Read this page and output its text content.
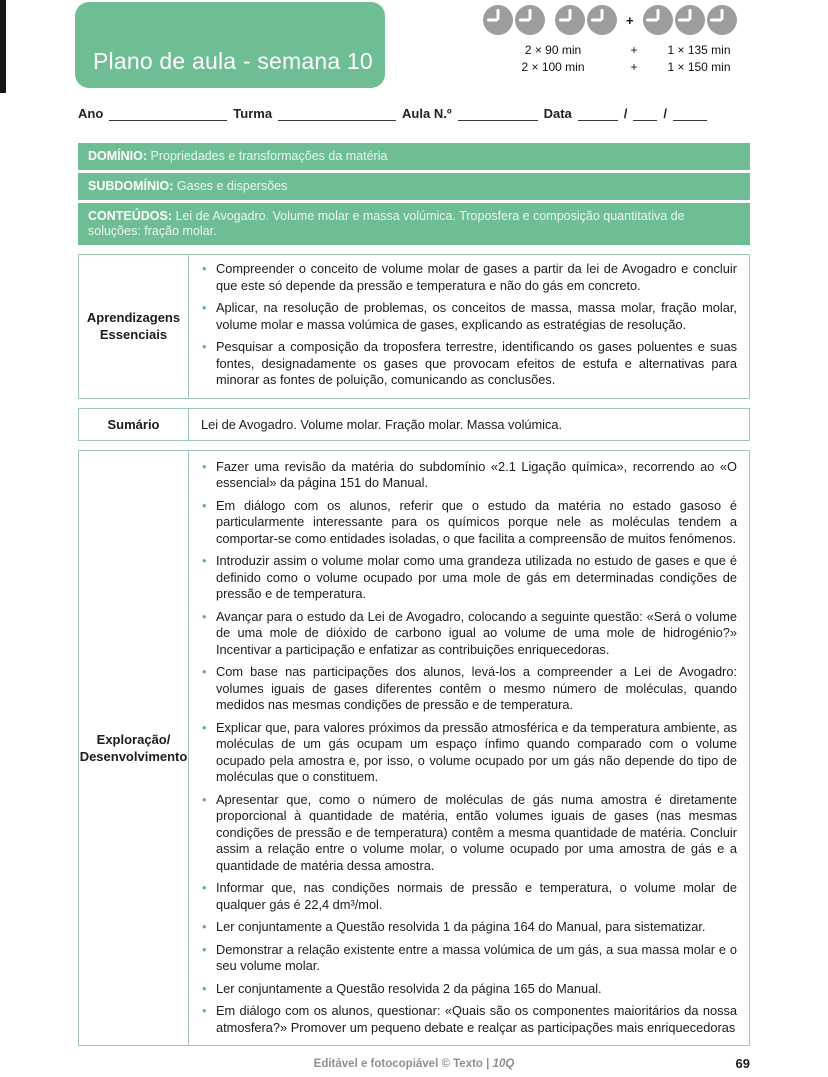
Plano de aula - semana 10
+
2 × 90 min	+	1 × 135 min
2 × 100 min	+	1 × 150 min
Ano	Turma	Aula N.º	Data	/	/
DOMÍNIO: Propriedades e transformações da matéria
SUBDOMÍNIO: Gases e dispersões
CONTEÚDOS: Lei de Avogadro. Volume molar e massa volúmica. Troposfera e composição quantitativa de soluções: fração molar.
Aprendizagens Essenciais
• Compreender o conceito de volume molar de gases a partir da lei de Avogadro e concluir que este só depende da pressão e temperatura e não do gás em concreto.
• Aplicar, na resolução de problemas, os conceitos de massa, massa molar, fração molar, volume molar e massa volúmica de gases, explicando as estratégias de resolução.
• Pesquisar a composição da troposfera terrestre, identificando os gases poluentes e suas fontes, designadamente os gases que provocam efeitos de estufa e alternativas para minorar as fontes de poluição, comunicando as conclusões.
Sumário	Lei de Avogadro. Volume molar. Fração molar. Massa volúmica.
Exploração/ Desenvolvimento
• Fazer uma revisão da matéria do subdomínio «2.1 Ligação química», recorrendo ao «O essencial» da página 151 do Manual.
• Em diálogo com os alunos, referir que o estudo da matéria no estado gasoso é particularmente interessante para os químicos porque nele as moléculas tendem a comportar-se como entidades isoladas, o que facilita a compreensão de muitos fenómenos.
• Introduzir assim o volume molar como uma grandeza utilizada no estudo de gases e que é definido como o volume ocupado por uma mole de gás em determinadas condições de pressão e de temperatura.
• Avançar para o estudo da Lei de Avogadro, colocando a seguinte questão: «Será o volume de uma mole de dióxido de carbono igual ao volume de uma mole de hidrogénio?» Incentivar a participação e enfatizar as contribuições enriquecedoras.
• Com base nas participações dos alunos, levá-los a compreender a Lei de Avogadro: volumes iguais de gases diferentes contêm o mesmo número de moléculas, quando medidos nas mesmas condições de pressão e de temperatura.
• Explicar que, para valores próximos da pressão atmosférica e da temperatura ambiente, as moléculas de um gás ocupam um espaço ínfimo quando comparado com o volume ocupado pela amostra e, por isso, o volume ocupado por um gás não depende do tipo de moléculas que o constituem.
• Apresentar que, como o número de moléculas de gás numa amostra é diretamente proporcional à quantidade de matéria, então volumes iguais de gases (nas mesmas condições de pressão e de temperatura) contêm a mesma quantidade de matéria. Concluir assim a relação entre o volume molar, o volume ocupado por uma amostra de gás e a quantidade de matéria dessa amostra.
• Informar que, nas condições normais de pressão e temperatura, o volume molar de qualquer gás é 22,4 dm³/mol.
• Ler conjuntamente a Questão resolvida 1 da página 164 do Manual, para sistematizar.
• Demonstrar a relação existente entre a massa volúmica de um gás, a sua massa molar e o seu volume molar.
• Ler conjuntamente a Questão resolvida 2 da página 165 do Manual.
• Em diálogo com os alunos, questionar: «Quais são os componentes maioritários da nossa atmosfera?» Promover um pequeno debate e realçar as participações mais enriquecedoras
Editável e fotocopiável © Texto | 10Q	69
